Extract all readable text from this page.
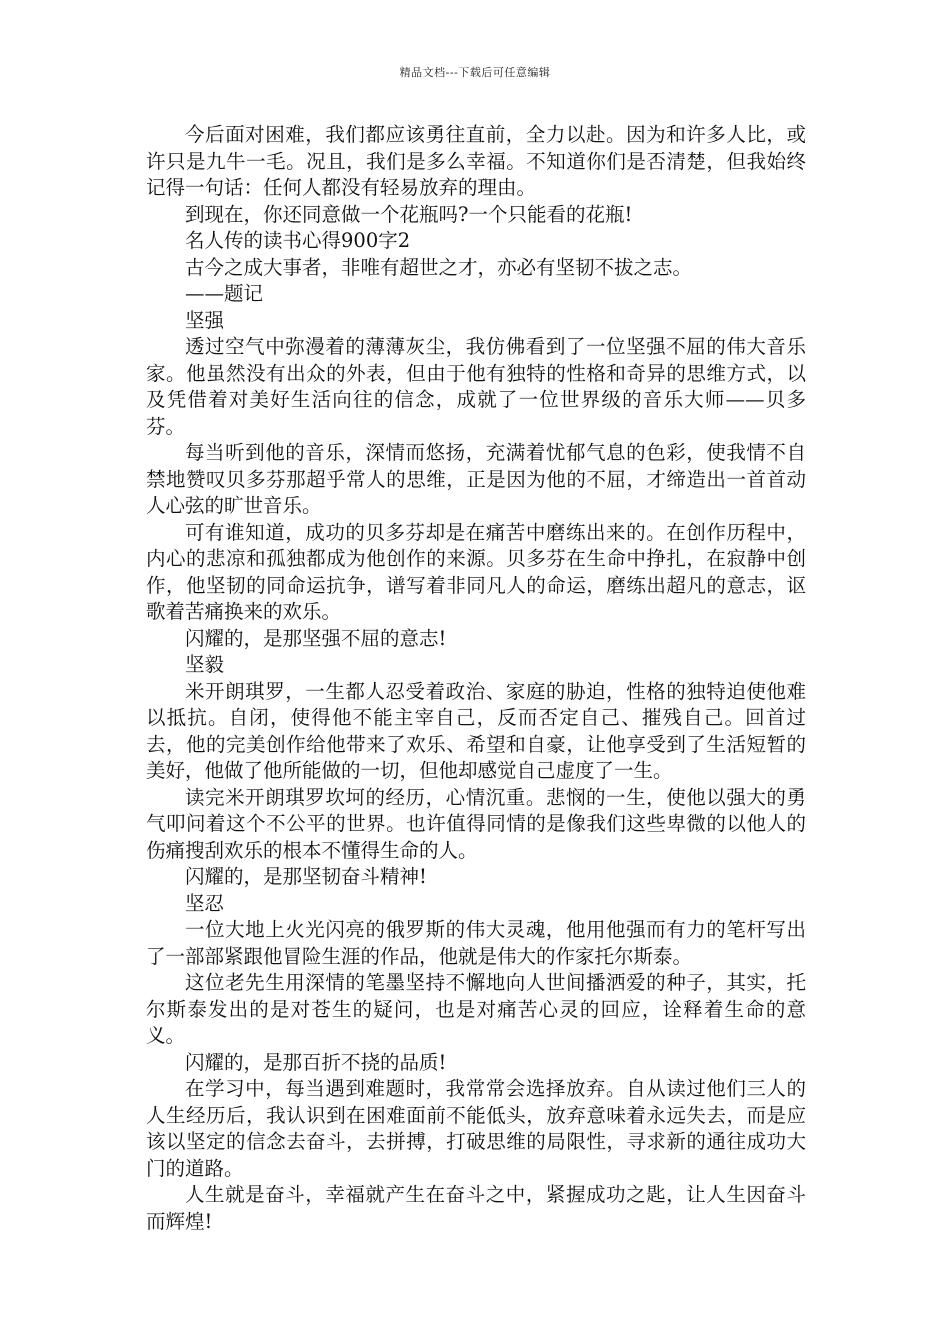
精品文档---下载后可任意编辑

今后面对困难，我们都应该勇往直前，全力以赴。因为和许多人比，或许只是九牛一毛。况且，我们是多么幸福。不知道你们是否清楚，但我始终记得一句话：任何人都没有轻易放弃的理由。

到现在，你还同意做一个花瓶吗?一个只能看的花瓶!

名人传的读书心得900字2

古今之成大事者，非唯有超世之才，亦必有坚韧不拔之志。

——题记

坚强

透过空气中弥漫着的薄薄灰尘，我仿佛看到了一位坚强不屈的伟大音乐家。他虽然没有出众的外表，但由于他有独特的性格和奇异的思维方式，以及凭借着对美好生活向往的信念，成就了一位世界级的音乐大师——贝多芬。

每当听到他的音乐，深情而悠扬，充满着忧郁气息的色彩，使我情不自禁地赞叹贝多芬那超乎常人的思维，正是因为他的不屈，才缔造出一首首动人心弦的旷世音乐。

可有谁知道，成功的贝多芬却是在痛苦中磨练出来的。在创作历程中，内心的悲凉和孤独都成为他创作的来源。贝多芬在生命中挣扎，在寂静中创作，他坚韧的同命运抗争，谱写着非同凡人的命运，磨练出超凡的意志，讴歌着苦痛换来的欢乐。

闪耀的，是那坚强不屈的意志!

坚毅

米开朗琪罗，一生都人忍受着政治、家庭的胁迫，性格的独特迫使他难以抵抗。自闭，使得他不能主宰自己，反而否定自己、摧残自己。回首过去，他的完美创作给他带来了欢乐、希望和自豪，让他享受到了生活短暂的美好，他做了他所能做的一切，但他却感觉自己虚度了一生。

读完米开朗琪罗坎坷的经历，心情沉重。悲悯的一生，使他以强大的勇气叩问着这个不公平的世界。也许值得同情的是像我们这些卑微的以他人的伤痛搜刮欢乐的根本不懂得生命的人。

闪耀的，是那坚韧奋斗精神!

坚忍

一位大地上火光闪亮的俄罗斯的伟大灵魂，他用他强而有力的笔杆写出了一部部紧跟他冒险生涯的作品，他就是伟大的作家托尔斯泰。

这位老先生用深情的笔墨坚持不懈地向人世间播洒爱的种子，其实，托尔斯泰发出的是对苍生的疑问，也是对痛苦心灵的回应，诠释着生命的意义。

闪耀的，是那百折不挠的品质!

在学习中，每当遇到难题时，我常常会选择放弃。自从读过他们三人的人生经历后，我认识到在困难面前不能低头，放弃意味着永远失去，而是应该以坚定的信念去奋斗，去拼搏，打破思维的局限性，寻求新的通往成功大门的道路。

人生就是奋斗，幸福就产生在奋斗之中，紧握成功之匙，让人生因奋斗而辉煌!
